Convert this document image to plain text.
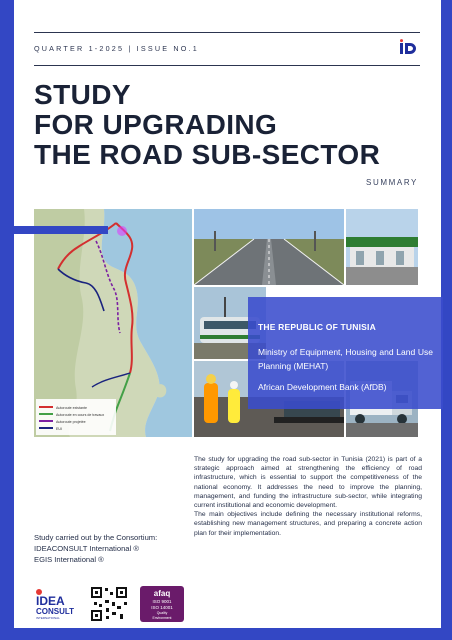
QUARTER 1-2025 | ISSUE NO.1
STUDY
FOR UPGRADING
THE ROAD SUB-SECTOR
SUMMARY
Autoroute existante
Autoroute en cours de travaux
Autoroute projetée
EUI
THE REPUBLIC OF TUNISIA
Ministry of Equipment, Housing and Land Use Planning (MEHAT)
African Development Bank (AfDB)

The study for upgrading the road sub-sector in Tunisia (2021) is part of a strategic approach aimed at strengthening the efficiency of road infrastructure, which is essential to support the competitiveness of the national economy. It addresses the need to improve the planning, management, and funding the infrastructure sub-sector, while integrating current institutional and economic development.

The main objectives include defining the necessary institutional reforms, establishing new management structures, and preparing a concrete action plan for their implementation.

Study carried out by the Consortium:
IDEACONSULT International ®
EGIS International ®
IDEA
CONSULT
INTERNATIONAL
afaq
ISO 9001
ISO 14001
Quality
Environment
